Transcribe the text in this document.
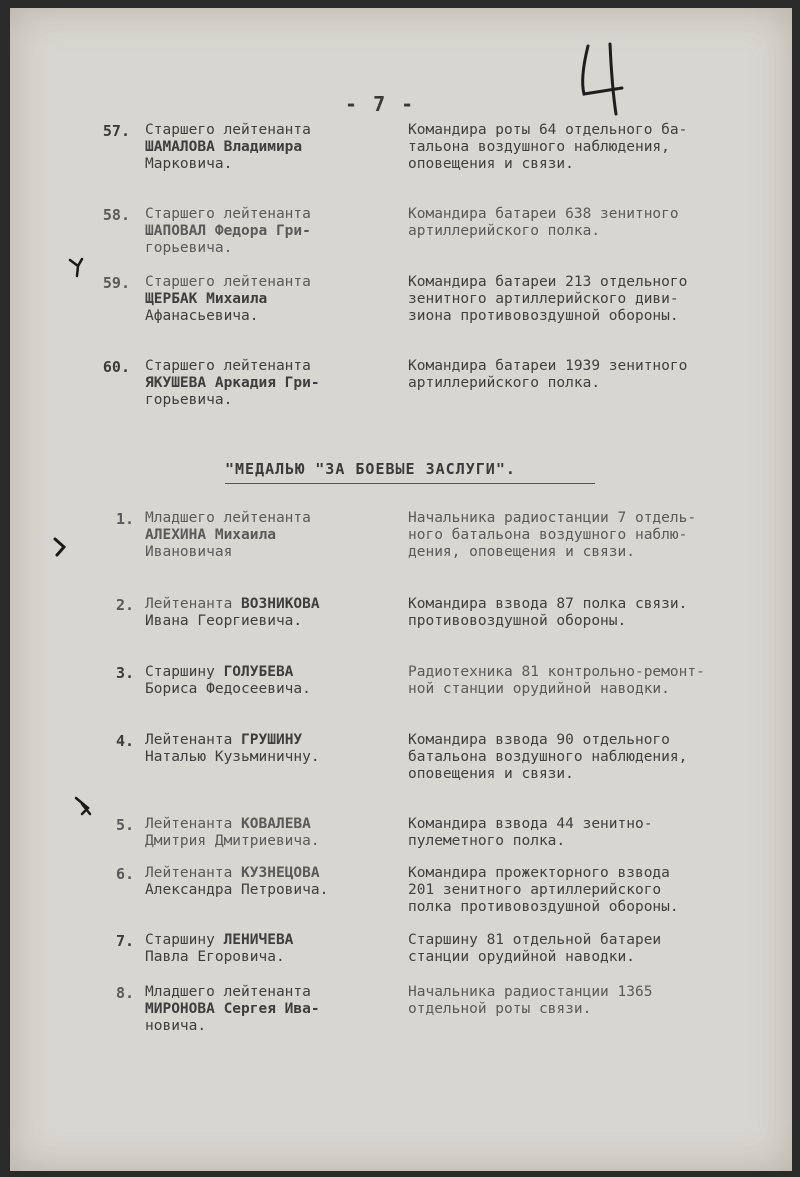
- 7 -
57. Старшего лейтенанта
ШАМАЛОВА Владимира
Марковича.
Командира роты 64 отдельного ба-
тальона воздушного наблюдения,
оповещения и связи.
58. Старшего лейтенанта
ШАПОВАЛ Федора Гри-
горьевича.
Командира батареи 638 зенитного
артиллерийского полка.
59. Старшего лейтенанта
ЩЕРБАК Михаила
Афанасьевича.
Командира батареи 213 отдельного
зенитного артиллерийского диви-
зиона противовоздушной обороны.
60. Старшего лейтенанта
ЯКУШЕВА Аркадия Гри-
горьевича.
Командира батареи 1939 зенитного
артиллерийского полка.
"МЕДАЛЬЮ "ЗА БОЕВЫЕ ЗАСЛУГИ".
1. Младшего лейтенанта
АЛЕХИНА Михаила
Ивановичая
Начальника радиостанции 7 отдель-
ного батальона воздушного наблю-
дения, оповещения и связи.
2. Лейтенанта ВОЗНИКОВА
Ивана Георгиевича.
Командира взвода 87 полка связи.
противовоздушной обороны.
3. Старшину ГОЛУБЕВА
Бориса Федосеевича.
Радиотехника 81 контрольно-ремонт-
ной станции орудийной наводки.
4. Лейтенанта ГРУШИНУ
Наталью Кузьминичну.
Командира взвода 90 отдельного
батальона воздушного наблюдения,
оповещения и связи.
5. Лейтенанта КОВАЛЕВА
Дмитрия Дмитриевича.
Командира взвода 44 зенитно-
пулеметного полка.
6. Лейтенанта КУЗНЕЦОВА
Александра Петровича.
Командира прожекторного взвода
201 зенитного артиллерийского
полка противовоздушной обороны.
7. Старшину ЛЕНИЧЕВА
Павла Егоровича.
Старшину 81 отдельной батареи
станции орудийной наводки.
8. Младшего лейтенанта
МИРОНОВА Сергея Ива-
новича.
Начальника радиостанции 1365
отдельной роты связи.
